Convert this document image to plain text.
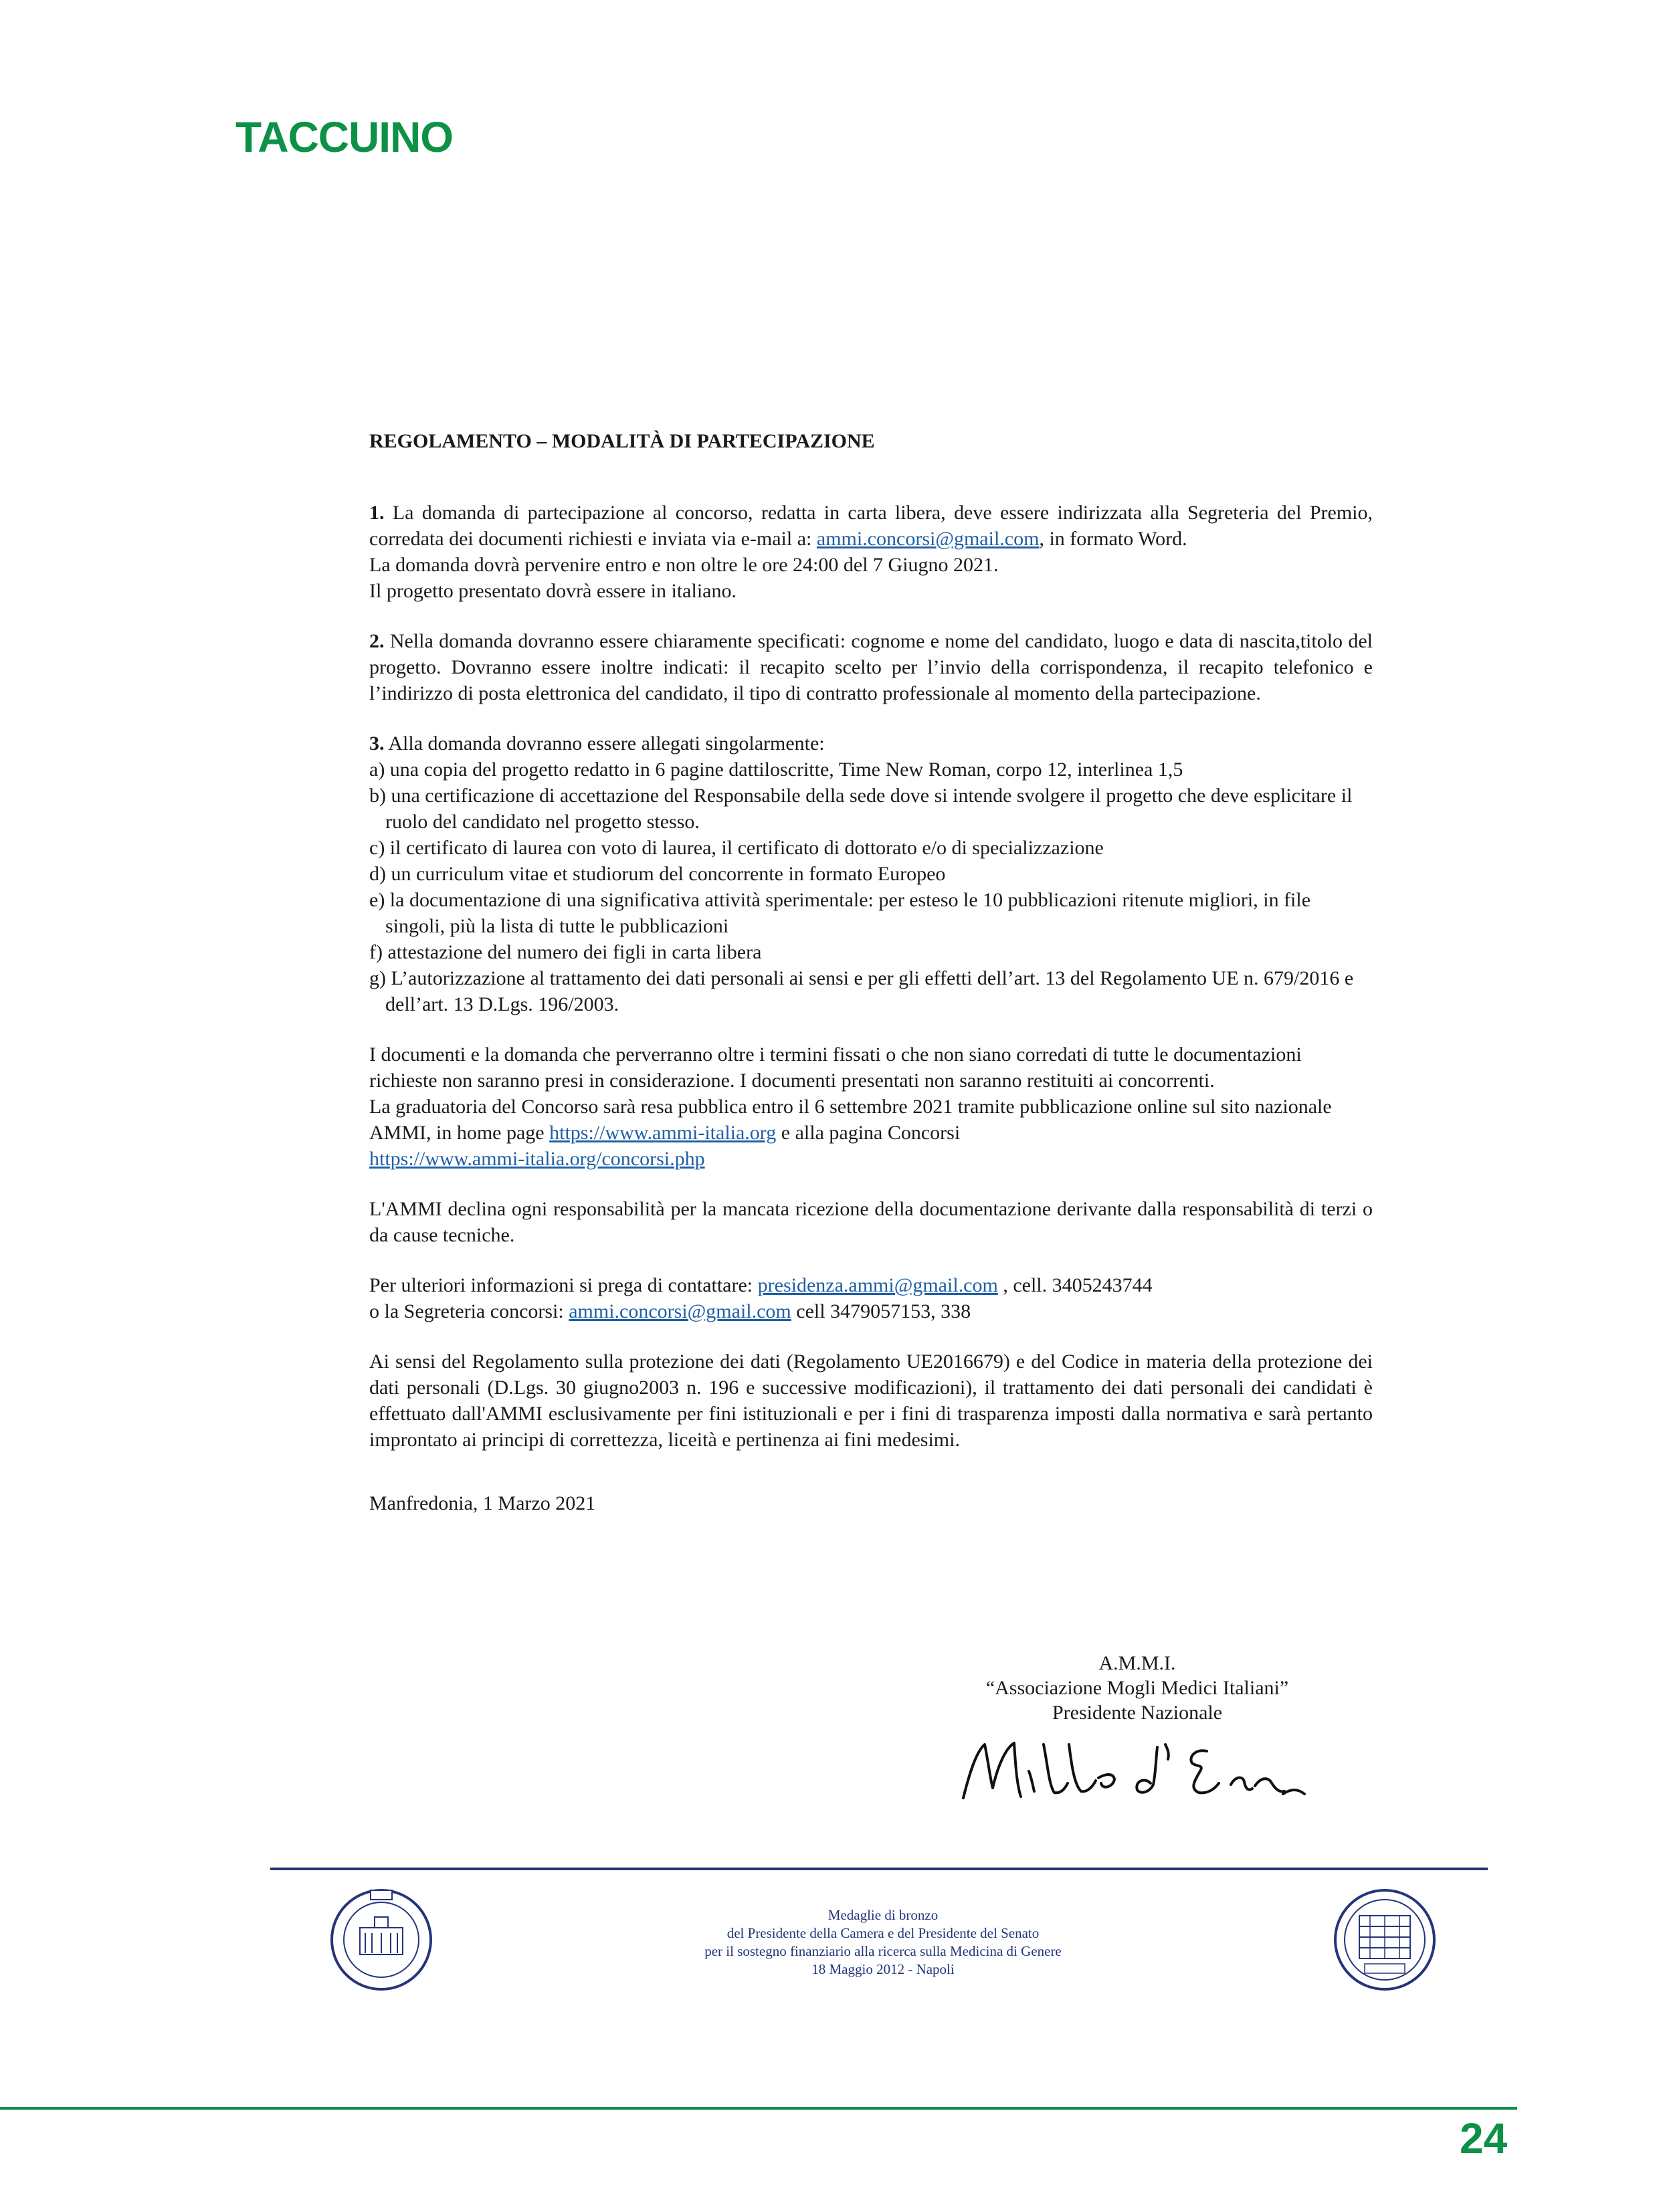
TACCUINO
REGOLAMENTO – MODALITÀ DI PARTECIPAZIONE
1. La domanda di partecipazione al concorso, redatta in carta libera, deve essere indirizzata alla Segreteria del Premio, corredata dei documenti richiesti e inviata via e-mail a: ammi.concorsi@gmail.com, in formato Word.
La domanda dovrà pervenire entro e non oltre le ore 24:00 del 7 Giugno 2021.
Il progetto presentato dovrà essere in italiano.
2. Nella domanda dovranno essere chiaramente specificati: cognome e nome del candidato, luogo e data di nascita,titolo del progetto. Dovranno essere inoltre indicati: il recapito scelto per l’invio della corrispondenza, il recapito telefonico e l’indirizzo di posta elettronica del candidato, il tipo di contratto professionale al momento della partecipazione.
3. Alla domanda dovranno essere allegati singolarmente:
a) una copia del progetto redatto in 6 pagine dattiloscritte, Time New Roman, corpo 12, interlinea 1,5
b) una certificazione di accettazione del Responsabile della sede dove si intende svolgere il progetto che deve esplicitare il ruolo del candidato nel progetto stesso.
c) il certificato di laurea con voto di laurea, il certificato di dottorato e/o di specializzazione
d) un curriculum vitae et studiorum del concorrente in formato Europeo
e) la documentazione di una significativa attività sperimentale: per esteso le 10 pubblicazioni ritenute migliori, in file singoli, più la lista di tutte le pubblicazioni
f) attestazione del numero dei figli in carta libera
g) L’autorizzazione al trattamento dei dati personali ai sensi e per gli effetti dell’art. 13 del Regolamento UE n. 679/2016 e dell’art. 13 D.Lgs. 196/2003.
I documenti e la domanda che perverranno oltre i termini fissati o che non siano corredati di tutte le documentazioni richieste non saranno presi in considerazione. I documenti presentati non saranno restituiti ai concorrenti.
La graduatoria del Concorso sarà resa pubblica entro il 6 settembre 2021 tramite pubblicazione online sul sito nazionale AMMI, in home page https://www.ammi-italia.org e alla pagina Concorsi
https://www.ammi-italia.org/concorsi.php
L'AMMI declina ogni responsabilità per la mancata ricezione della documentazione derivante dalla responsabilità di terzi o da cause tecniche.
Per ulteriori informazioni si prega di contattare: presidenza.ammi@gmail.com , cell. 3405243744
o la Segreteria concorsi: ammi.concorsi@gmail.com cell 3479057153, 338
Ai sensi del Regolamento sulla protezione dei dati (Regolamento UE2016679) e del Codice in materia della protezione dei dati personali (D.Lgs. 30 giugno2003 n. 196 e successive modificazioni), il trattamento dei dati personali dei candidati è effettuato dall'AMMI esclusivamente per fini istituzionali e per i fini di trasparenza imposti dalla normativa e sarà pertanto improntato ai principi di correttezza, liceità e pertinenza ai fini medesimi.
Manfredonia, 1 Marzo 2021
A.M.M.I.
“Associazione Mogli Medici Italiani”
Presidente Nazionale
Medaglie di bronzo
del Presidente della Camera e del Presidente del Senato
per il sostegno finanziario alla ricerca sulla Medicina di Genere
18 Maggio 2012 - Napoli
24
